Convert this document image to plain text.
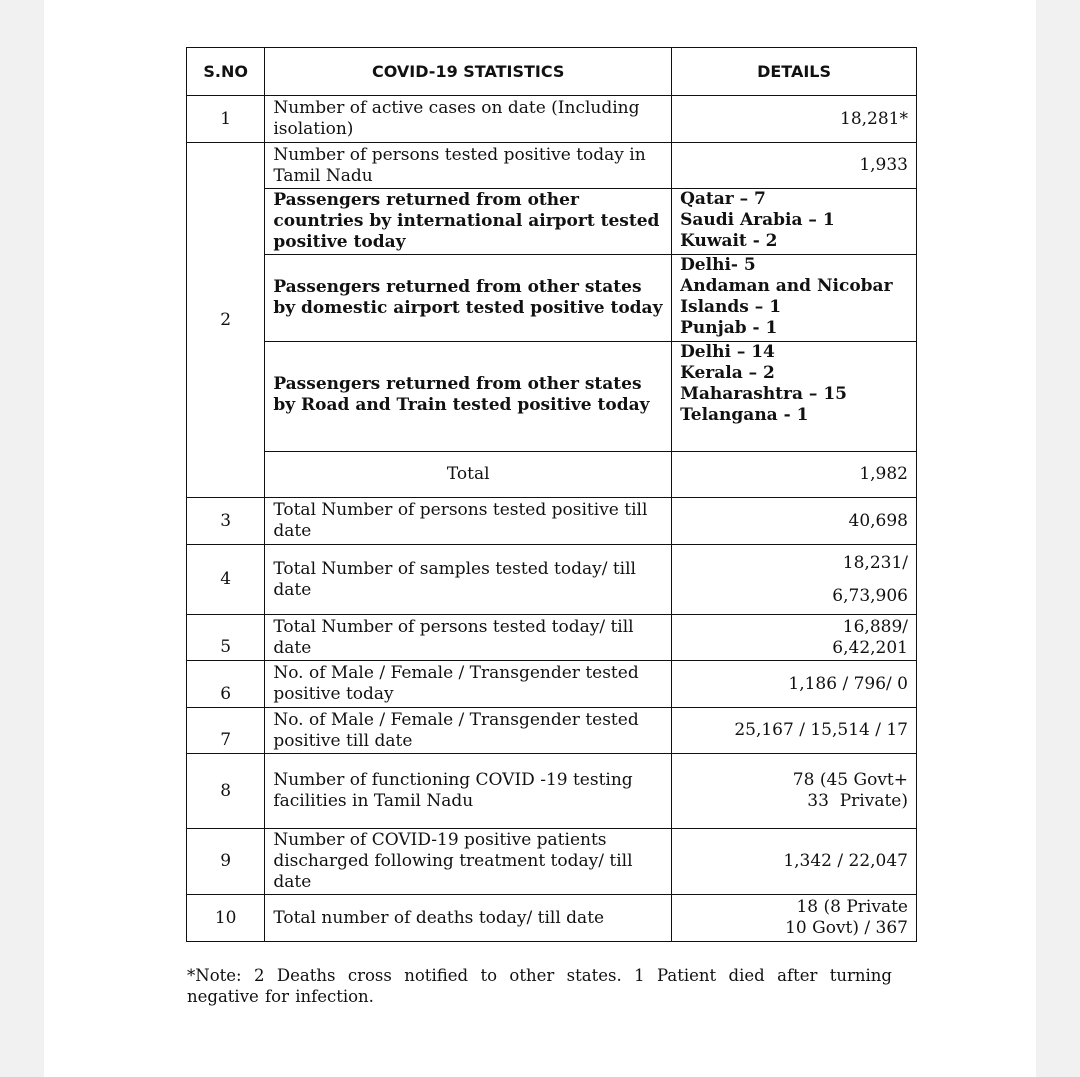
S.NO	COVID-19 STATISTICS	DETAILS
1	Number of active cases on date (Including isolation)	18,281*
2	Number of persons tested positive today in Tamil Nadu	1,933
	Passengers returned from other countries by international airport tested positive today	Qatar – 7
Saudi Arabia – 1
Kuwait - 2

	Passengers returned from other states by domestic airport tested positive today	Delhi- 5
Andaman and Nicobar
Islands – 1
Punjab - 1

	Passengers returned from other states by Road and Train tested positive today	Delhi – 14
Kerala – 2
Maharashtra – 15
Telangana - 1

	Total	1,982
3	Total Number of persons tested positive till date	40,698
4	Total Number of samples tested today/ till date	18,231/
6,73,906

5	Total Number of persons tested today/ till date	16,889/
6,42,201

6	No. of Male / Female / Transgender tested positive today	1,186 / 796/ 0
7	No. of Male / Female / Transgender tested positive till date	25,167 / 15,514 / 17
8	Number of functioning COVID -19 testing facilities in Tamil Nadu	78 (45 Govt+
33  Private)

9	Number of COVID-19 positive patients discharged following treatment today/ till date	1,342 / 22,047
10	Total number of deaths today/ till date	18 (8 Private
10 Govt) / 367
*Note: 2 Deaths cross notified to other states. 1 Patient died after turning negative for infection.
